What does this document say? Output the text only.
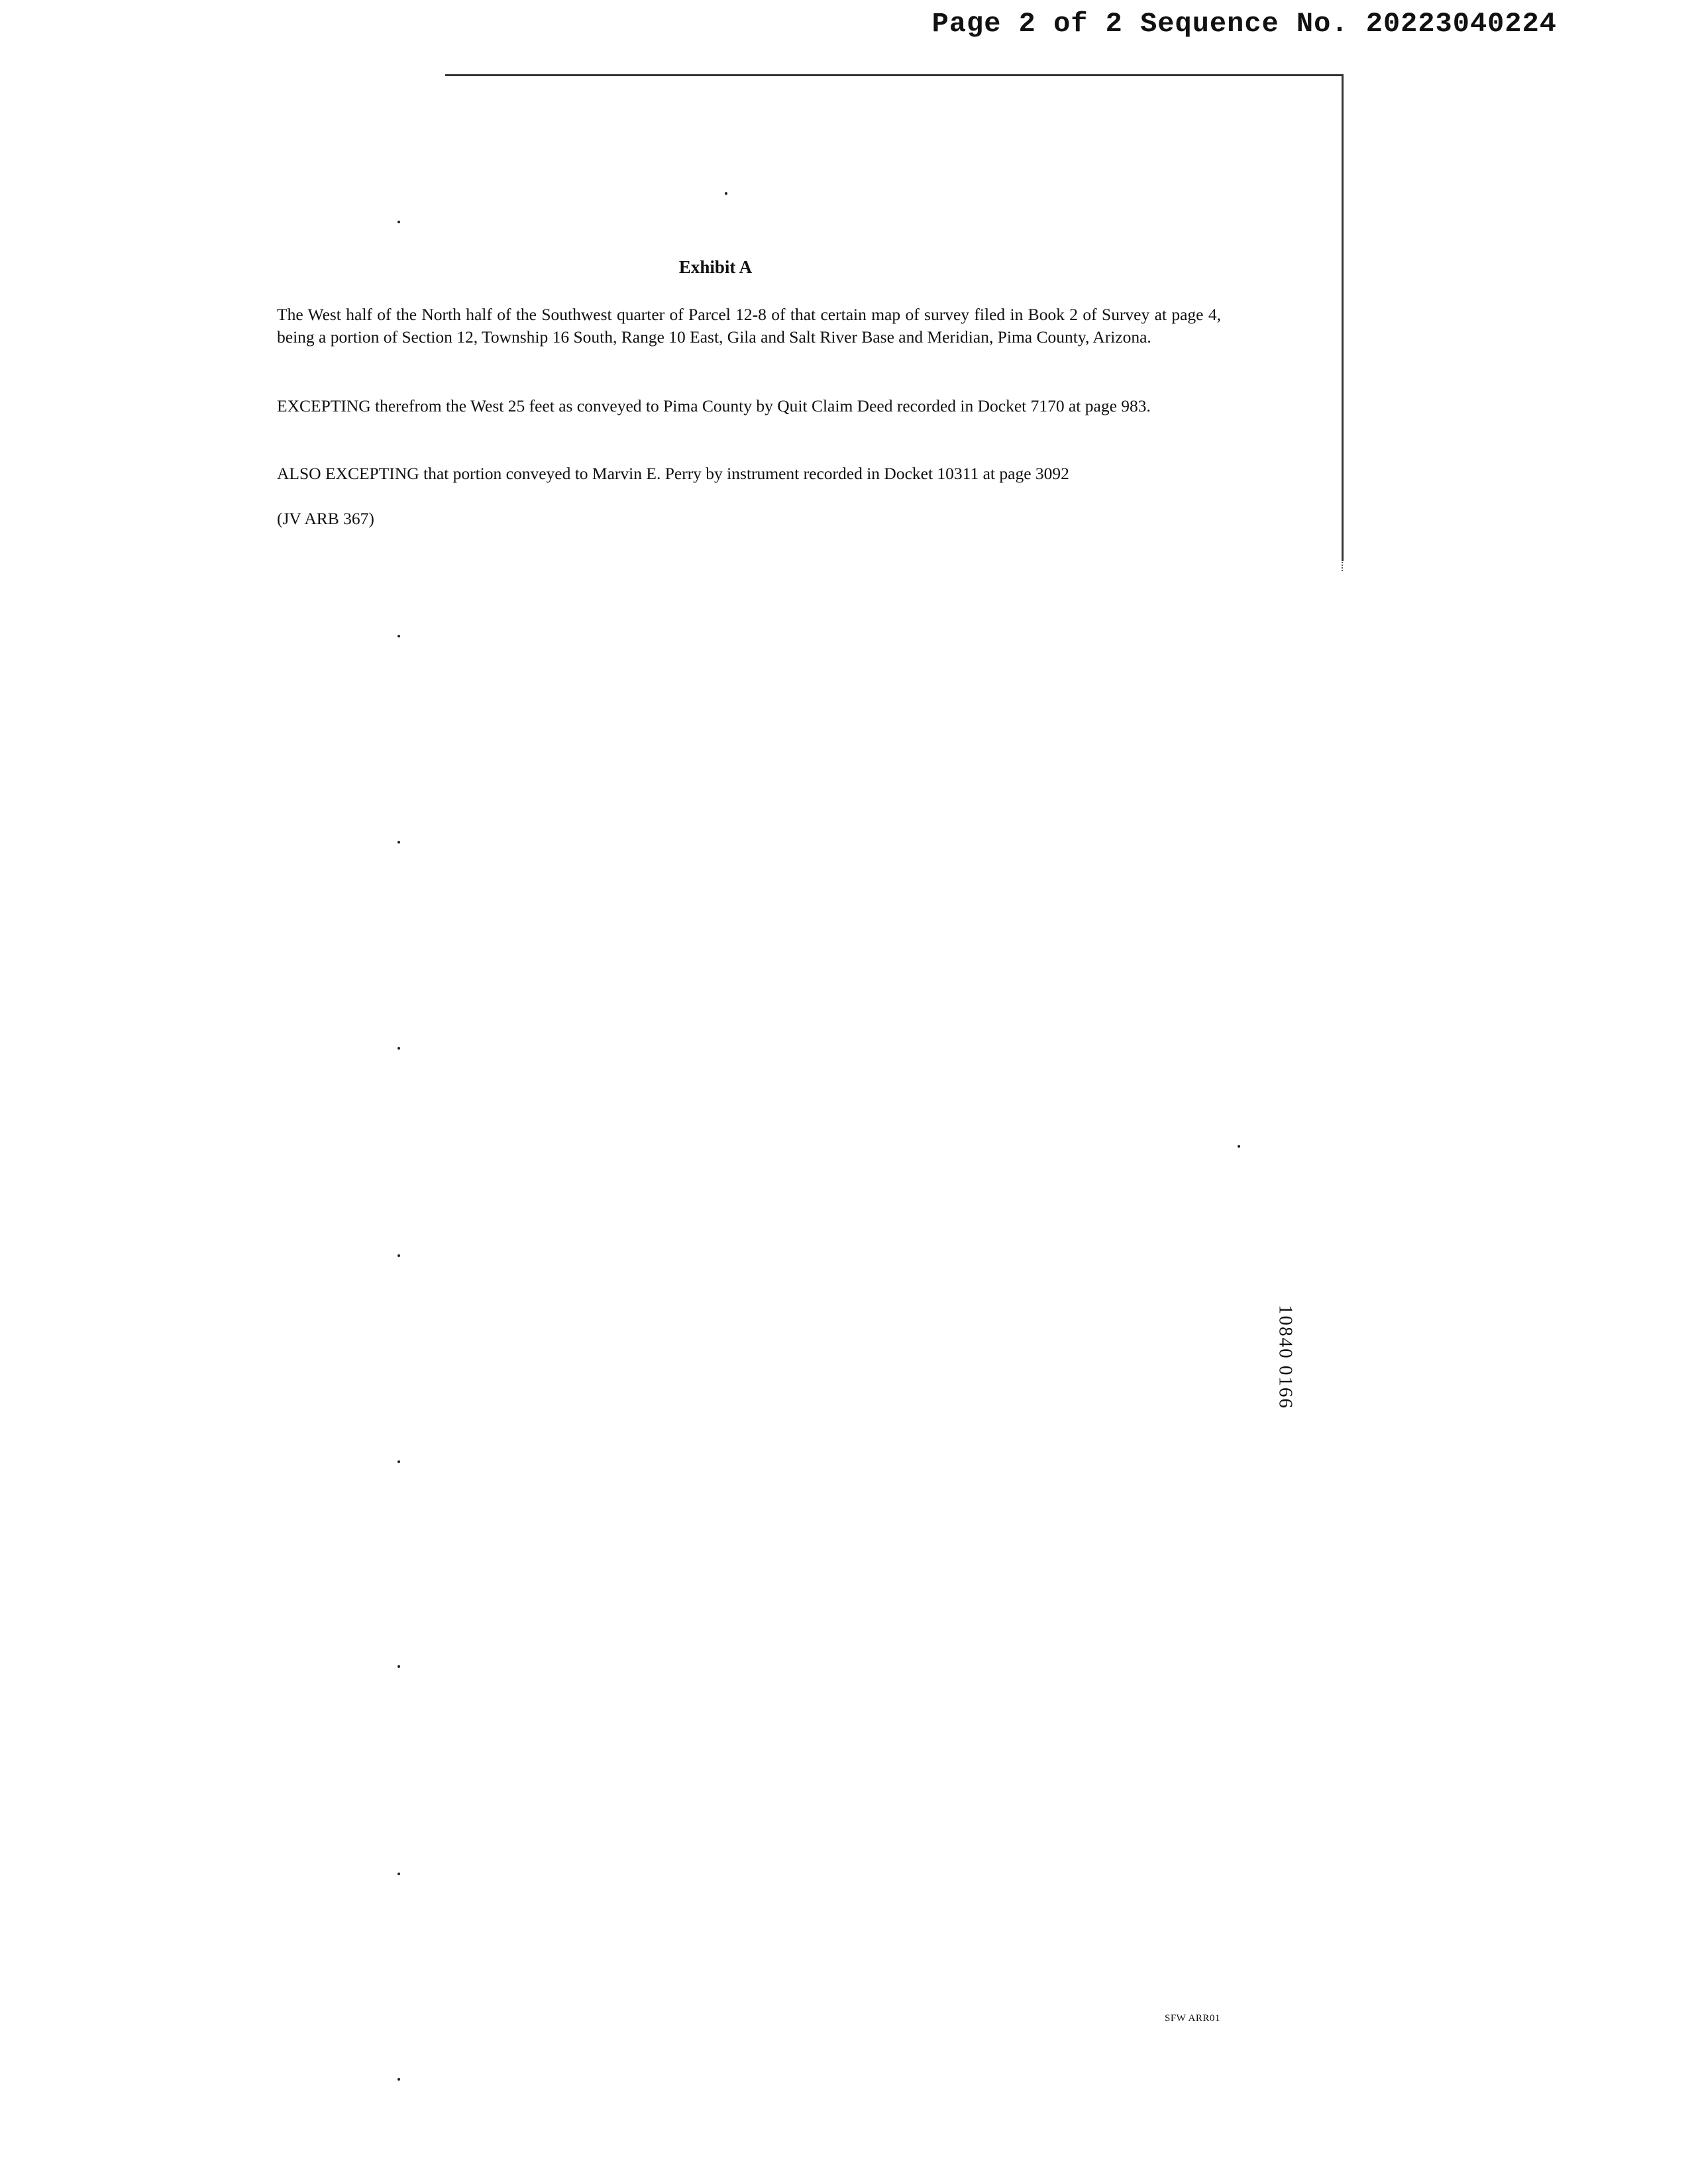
Page 2 of 2 Sequence No. 20223040224
Exhibit A
The West half of the North half of the Southwest quarter of Parcel 12-8 of that certain map of survey filed in Book 2 of Survey at page 4, being a portion of Section 12, Township 16 South, Range 10 East, Gila and Salt River Base and Meridian, Pima County, Arizona.
EXCEPTING therefrom the West 25 feet as conveyed to Pima County by Quit Claim Deed recorded in Docket 7170 at page 983.
ALSO EXCEPTING that portion conveyed to Marvin E. Perry by instrument recorded in Docket 10311 at page 3092
(JV ARB 367)
10840 0166
SFW ARR01
